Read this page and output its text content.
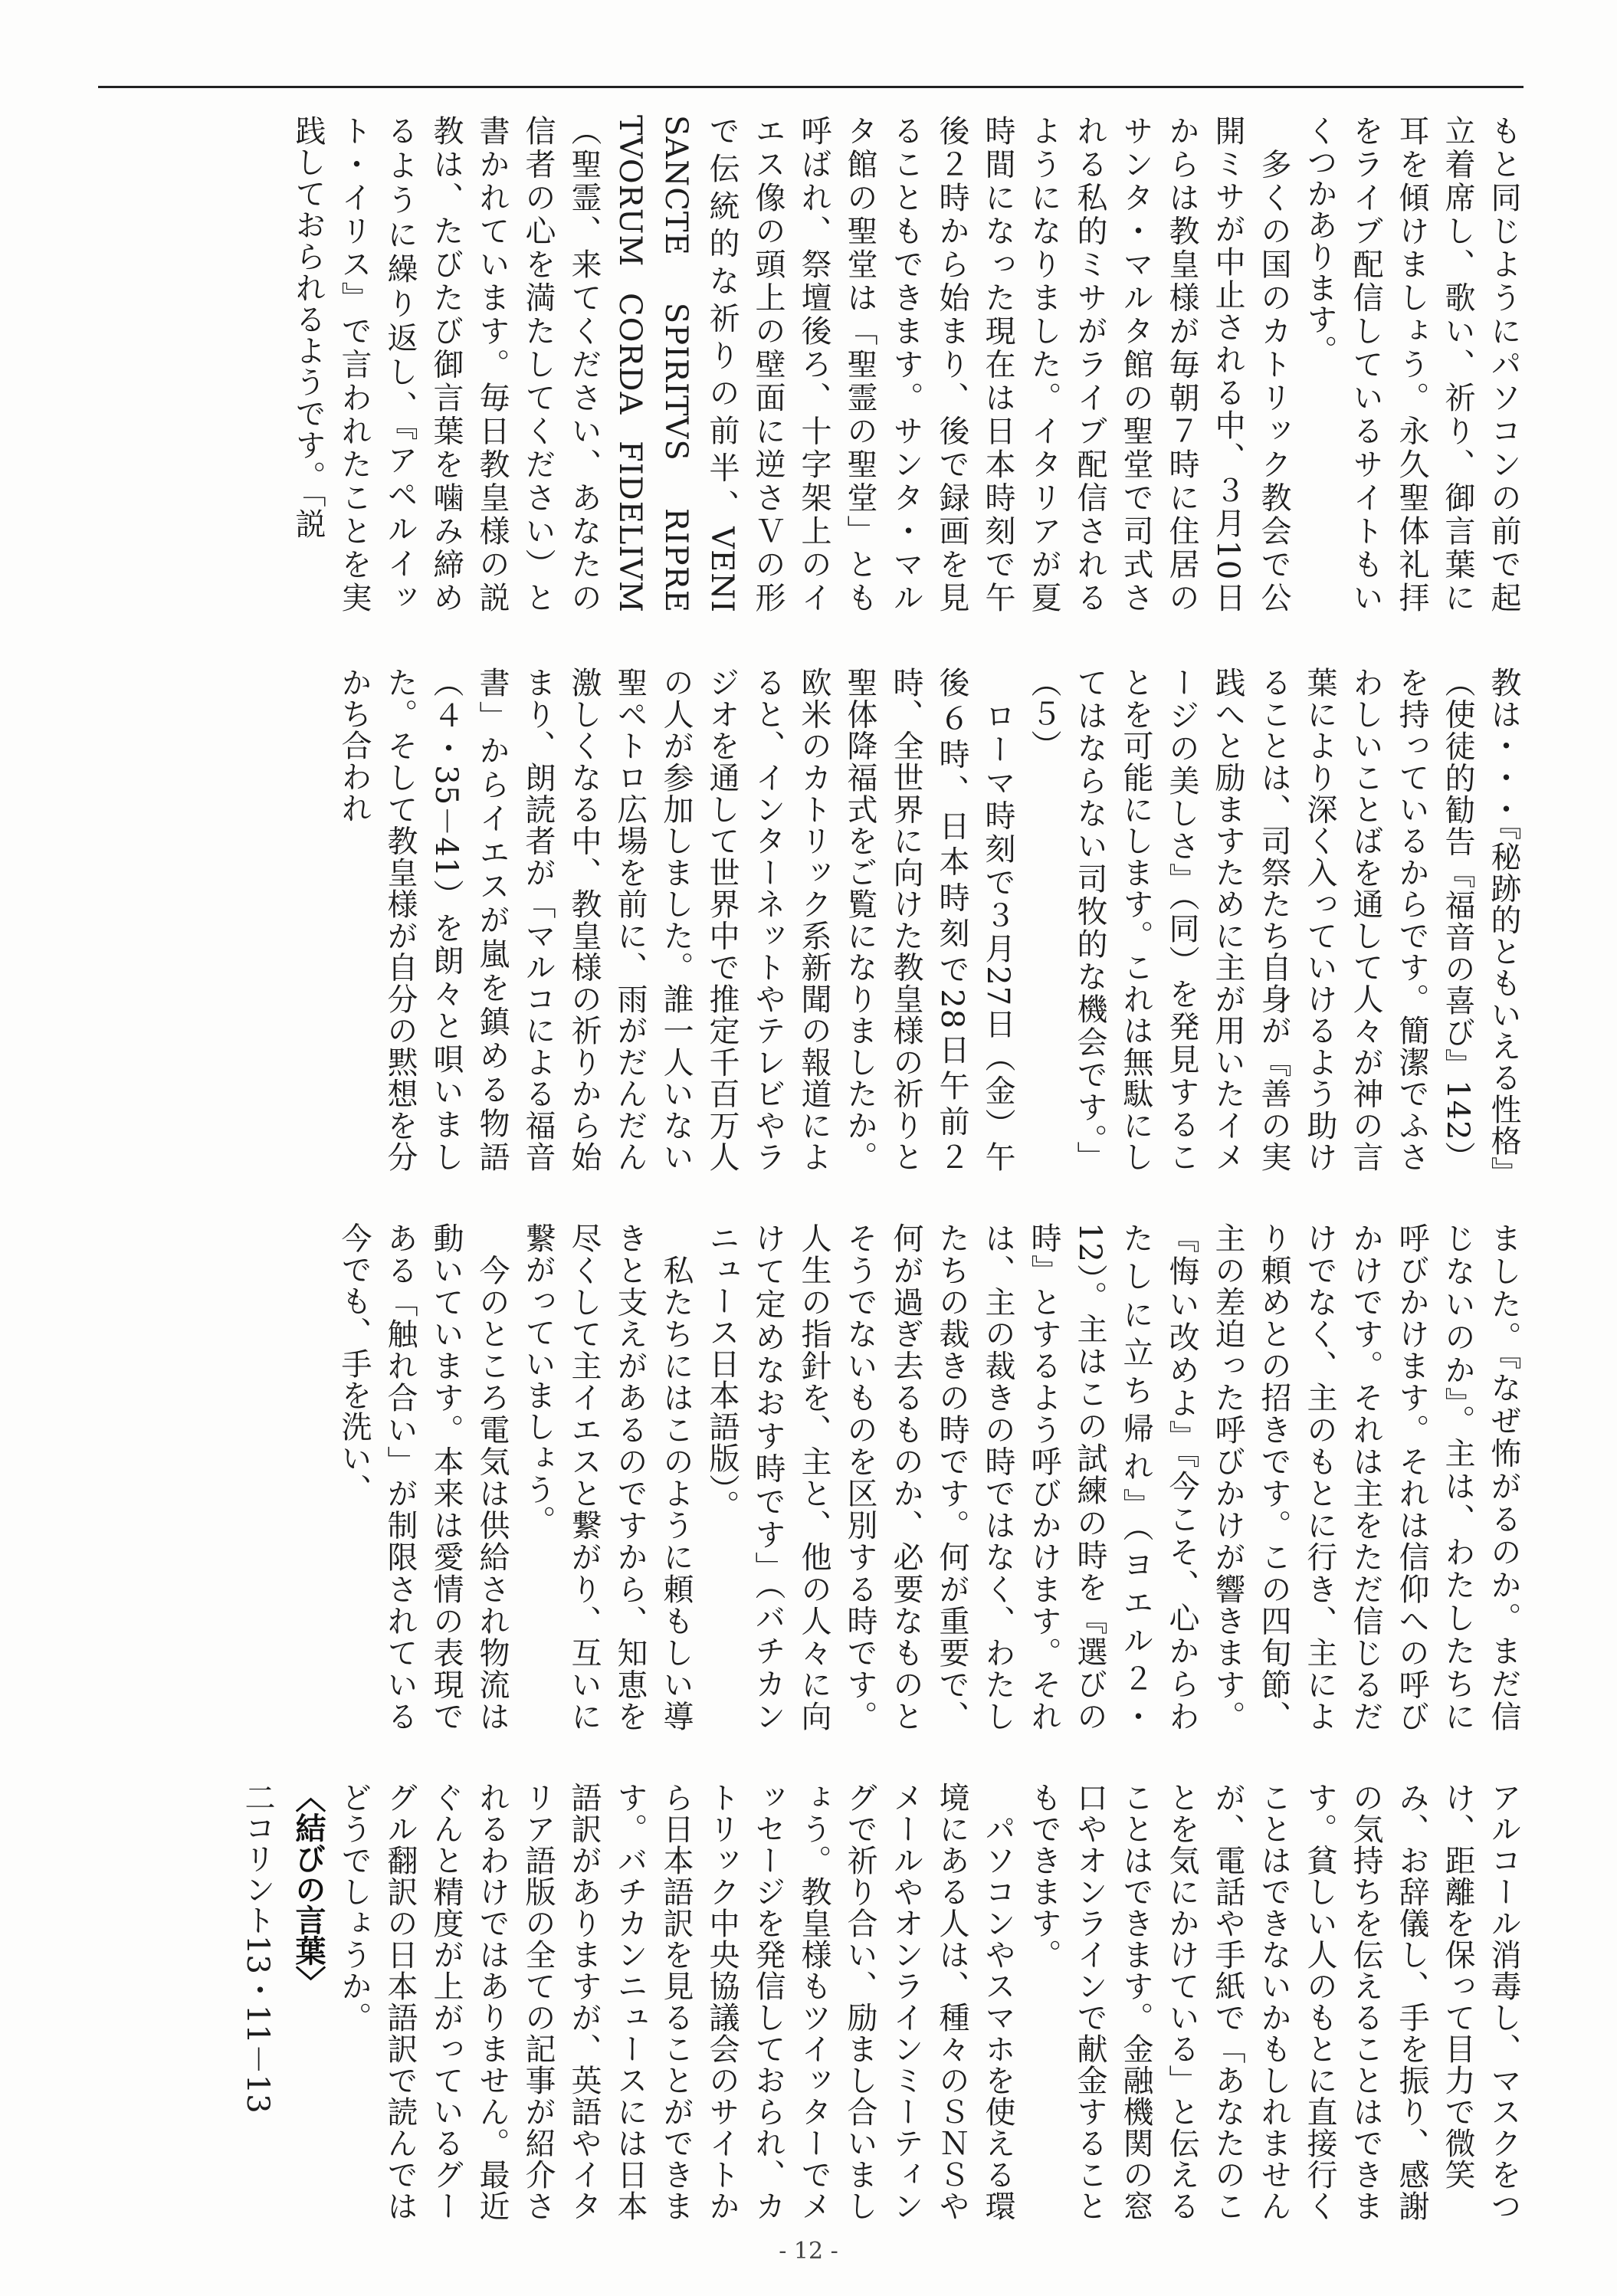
もと同じようにパソコンの前で起立着席し、歌い、祈り、御言葉に耳を傾けましょう。永久聖体礼拝をライブ配信しているサイトもいくつかあります。
　多くの国のカトリック教会で公開ミサが中止される中、３月10日からは教皇様が毎朝７時に住居のサンタ・マルタ館の聖堂で司式される私的ミサがライブ配信されるようになりました。イタリアが夏時間になった現在は日本時刻で午後２時から始まり、後で録画を見ることもできます。サンタ・マルタ館の聖堂は「聖霊の聖堂」とも呼ばれ、祭壇後ろ、十字架上のイエス像の頭上の壁面に逆さＶの形で伝統的な祈りの前半、VENI SANCTE SPIRITVS RIPRE TVORUM CORDA FIDELIVM（聖霊、来てください、あなたの信者の心を満たしてください）と書かれています。毎日教皇様の説教は、たびたび御言葉を噛み締めるように繰り返し、『アペルイット・イリス』で言われたことを実践しておられるようです。「説
教は・・・『秘跡的ともいえる性格』（使徒的勧告『福音の喜び』142）を持っているからです。簡潔でふさわしいことばを通して人々が神の言葉により深く入っていけるよう助けることは、司祭たち自身が『善の実践へと励ますために主が用いたイメージの美しさ』（同）を発見することを可能にします。これは無駄にしてはならない司牧的な機会です。」（５）
　ローマ時刻で３月27日（金）午後６時、日本時刻で28日午前２時、全世界に向けた教皇様の祈りと聖体降福式をご覧になりましたか。欧米のカトリック系新聞の報道によると、インターネットやテレビやラジオを通して世界中で推定千百万人の人が参加しました。誰一人いない聖ペトロ広場を前に、雨がだんだん激しくなる中、教皇様の祈りから始まり、朗読者が「マルコによる福音書」からイエスが嵐を鎮める物語（４・35－41）を朗々と唄いました。そして教皇様が自分の黙想を分かち合われ
ました。『なぜ怖がるのか。まだ信じないのか』。主は、わたしたちに呼びかけます。それは信仰への呼びかけです。それは主をただ信じるだけでなく、主のもとに行き、主により頼めとの招きです。この四旬節、主の差迫った呼びかけが響きます。『悔い改めよ』『今こそ、心からわたしに立ち帰れ』（ヨエル２・12）。主はこの試練の時を『選びの時』とするよう呼びかけます。それは、主の裁きの時ではなく、わたしたちの裁きの時です。何が重要で、何が過ぎ去るものか、必要なものとそうでないものを区別する時です。人生の指針を、主と、他の人々に向けて定めなおす時です」（バチカンニュース日本語版）。
　私たちにはこのように頼もしい導きと支えがあるのですから、知恵を尽くして主イエスと繋がり、互いに繋がっていましょう。
　今のところ電気は供給され物流は動いています。本来は愛情の表現である「触れ合い」が制限されている今でも、手を洗い、
アルコール消毒し、マスクをつけ、距離を保って目力で微笑み、お辞儀し、手を振り、感謝の気持ちを伝えることはできます。貧しい人のもとに直接行くことはできないかもしれませんが、電話や手紙で「あなたのことを気にかけている」と伝えることはできます。金融機関の窓口やオンラインで献金することもできます。
　パソコンやスマホを使える環境にある人は、種々のＳＮＳやメールやオンラインミーティングで祈り合い、励まし合いましょう。教皇様もツイッターでメッセージを発信しておられ、カトリック中央協議会のサイトから日本語訳を見ることができます。バチカンニュースには日本語訳がありますが、英語やイタリア語版の全ての記事が紹介されるわけではありません。最近ぐんと精度が上がっているグーグル翻訳の日本語訳で読んではどうでしょうか。
〈結びの言葉〉
二コリント13・11－13
- 12 -
